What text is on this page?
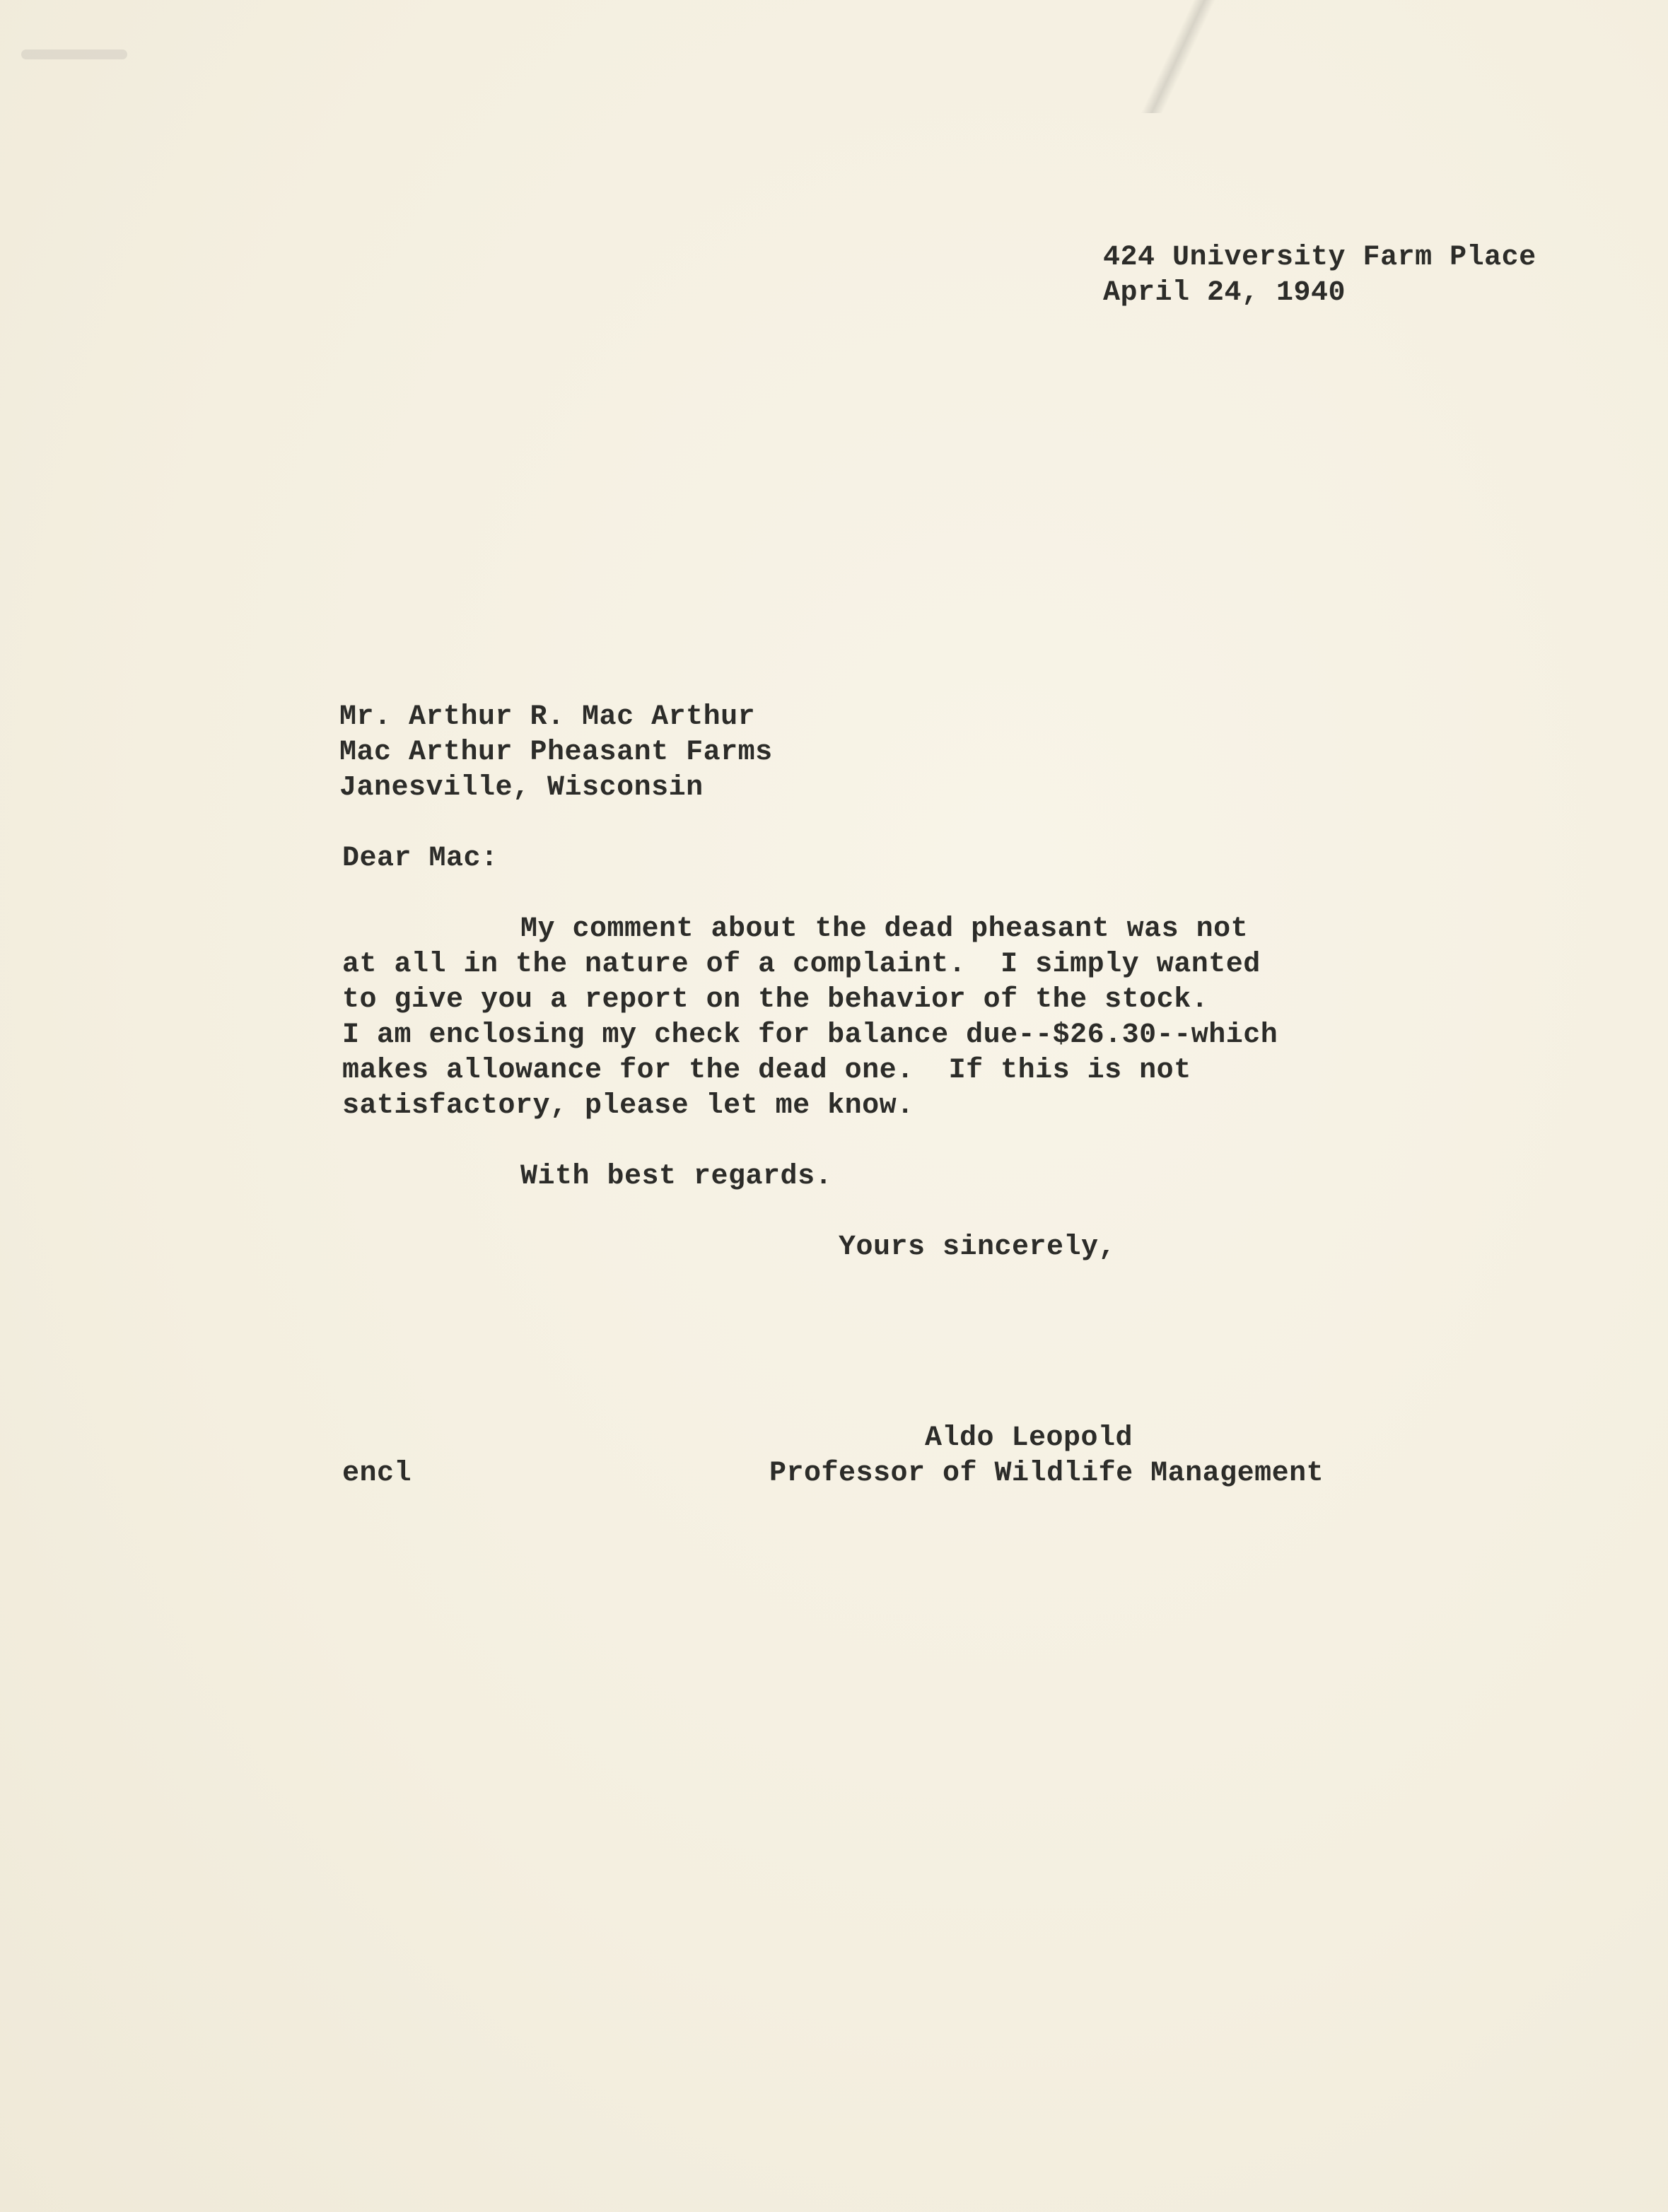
424 University Farm Place
April 24, 1940
Mr. Arthur R. Mac Arthur
Mac Arthur Pheasant Farms
Janesville, Wisconsin
Dear Mac:
My comment about the dead pheasant was not
at all in the nature of a complaint.  I simply wanted
to give you a report on the behavior of the stock.
I am enclosing my check for balance due--$26.30--which
makes allowance for the dead one.  If this is not
satisfactory, please let me know.
With best regards.
Yours sincerely,
Aldo Leopold
encl	Professor of Wildlife Management
